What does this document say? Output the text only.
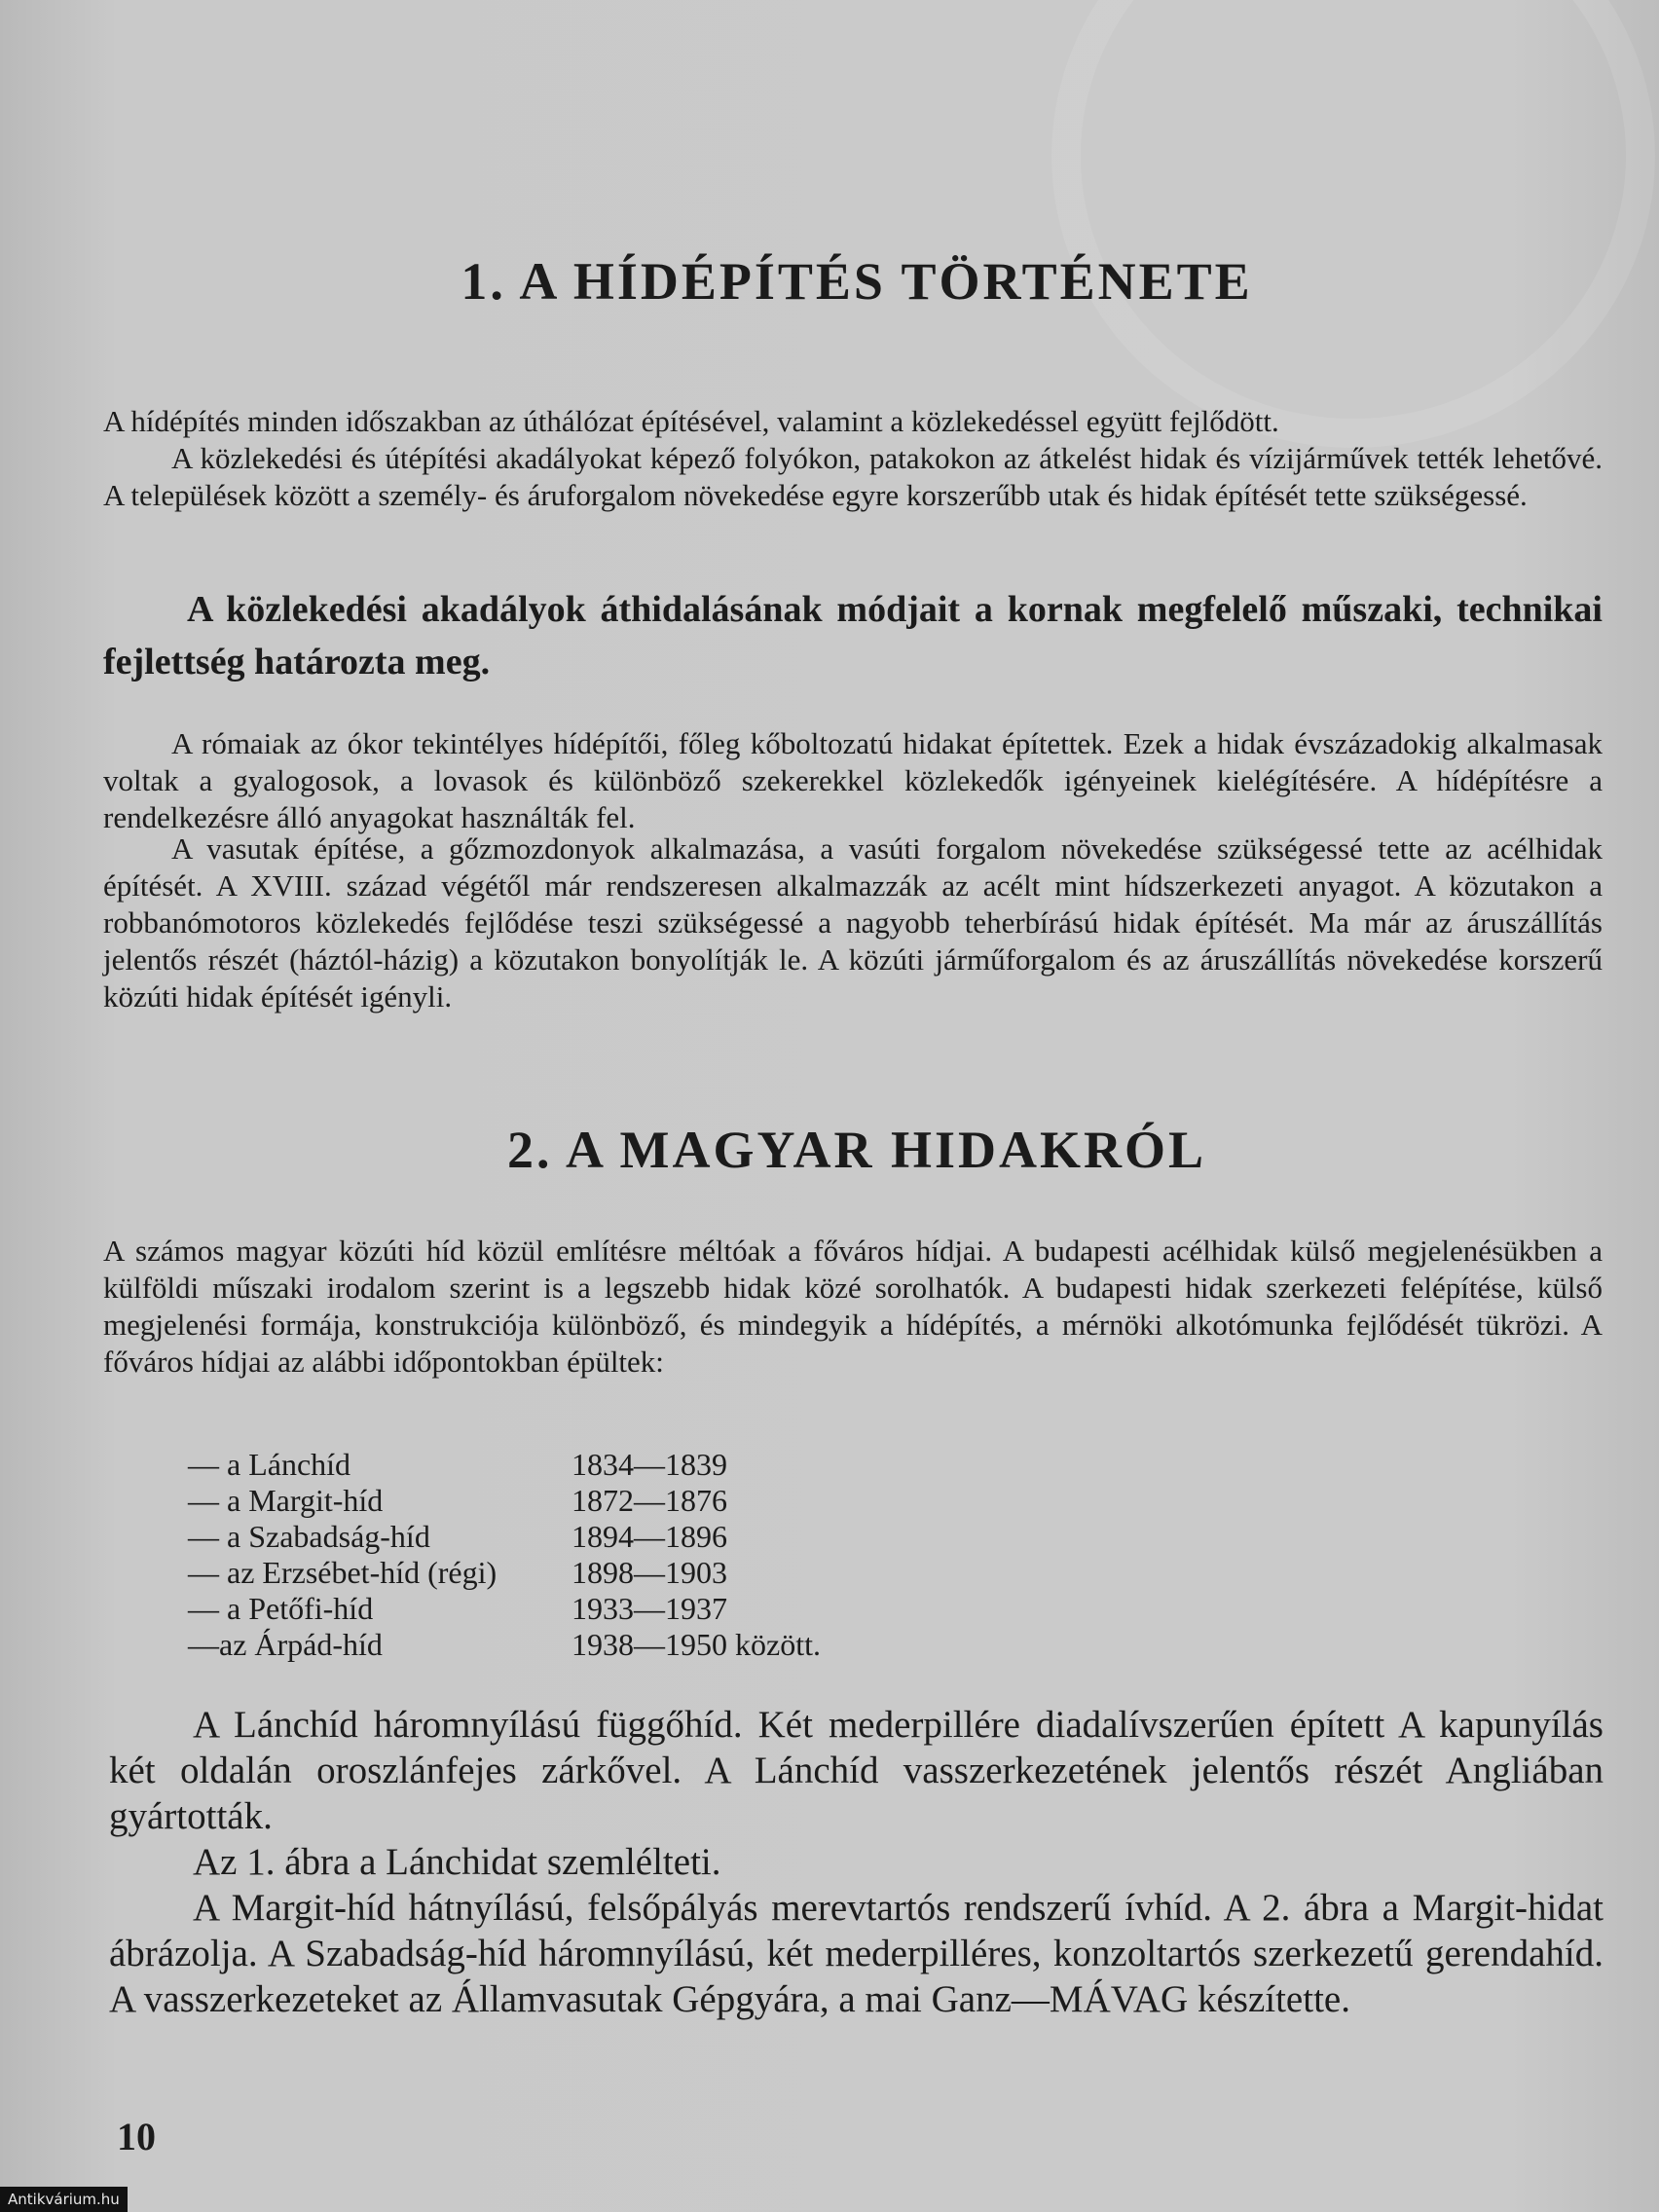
1. A HÍDÉPÍTÉS TÖRTÉNETE

A hídépítés minden időszakban az úthálózat építésével, valamint a közlekedéssel együtt fejlődött.

A közlekedési és útépítési akadályokat képező folyókon, patakokon az átkelést hidak és vízijárművek tették lehetővé. A települések között a személy- és áruforgalom növekedése egyre korszerűbb utak és hidak építését tette szükségessé.

A közlekedési akadályok áthidalásának módjait a kornak megfelelő műszaki, technikai fejlettség határozta meg.

A rómaiak az ókor tekintélyes hídépítői, főleg kőboltozatú hidakat építettek. Ezek a hidak évszázadokig alkalmasak voltak a gyalogosok, a lovasok és különböző szekerekkel közlekedők igényeinek kielégítésére. A hídépítésre a rendelkezésre álló anyagokat használták fel.

A vasutak építése, a gőzmozdonyok alkalmazása, a vasúti forgalom növekedése szükségessé tette az acélhidak építését. A XVIII. század végétől már rendszeresen alkalmazzák az acélt mint hídszerkezeti anyagot. A közutakon a robbanómotoros közlekedés fejlődése teszi szükségessé a nagyobb teherbírású hidak építését. Ma már az áruszállítás jelentős részét (háztól-házig) a közutakon bonyolítják le. A közúti járműforgalom és az áruszállítás növekedése korszerű közúti hidak építését igényli.

2. A MAGYAR HIDAKRÓL

A számos magyar közúti híd közül említésre méltóak a főváros hídjai. A budapesti acélhidak külső megjelenésükben a külföldi műszaki irodalom szerint is a legszebb hidak közé sorolhatók. A budapesti hidak szerkezeti felépítése, külső megjelenési formája, konstrukciója különböző, és mindegyik a hídépítés, a mérnöki alkotómunka fejlődését tükrözi. A főváros hídjai az alábbi időpontokban épültek:

— a Lánchíd	1834—1839
— a Margit-híd	1872—1876
— a Szabadság-híd	1894—1896
— az Erzsébet-híd (régi) 1898—1903
— a Petőfi-híd	1933—1937
—az Árpád-híd	1938—1950 között.

A Lánchíd háromnyílású függőhíd. Két mederpillére diadalívszerűen épített A kapunyílás két oldalán oroszlánfejes zárkővel. A Lánchíd vasszerkezetének jelentős részét Angliában gyártották.

Az 1. ábra a Lánchidat szemlélteti.

A Margit-híd hátnyílású, felsőpályás merevtartós rendszerű ívhíd. A 2. ábra a Margit-hidat ábrázolja. A Szabadság-híd háromnyílású, két mederpilléres, konzoltartós szerkezetű gerendahíd. A vasszerkezeteket az Államvasutak Gépgyára, a mai Ganz—MÁVAG készítette.

10
Antikvárium.hu
